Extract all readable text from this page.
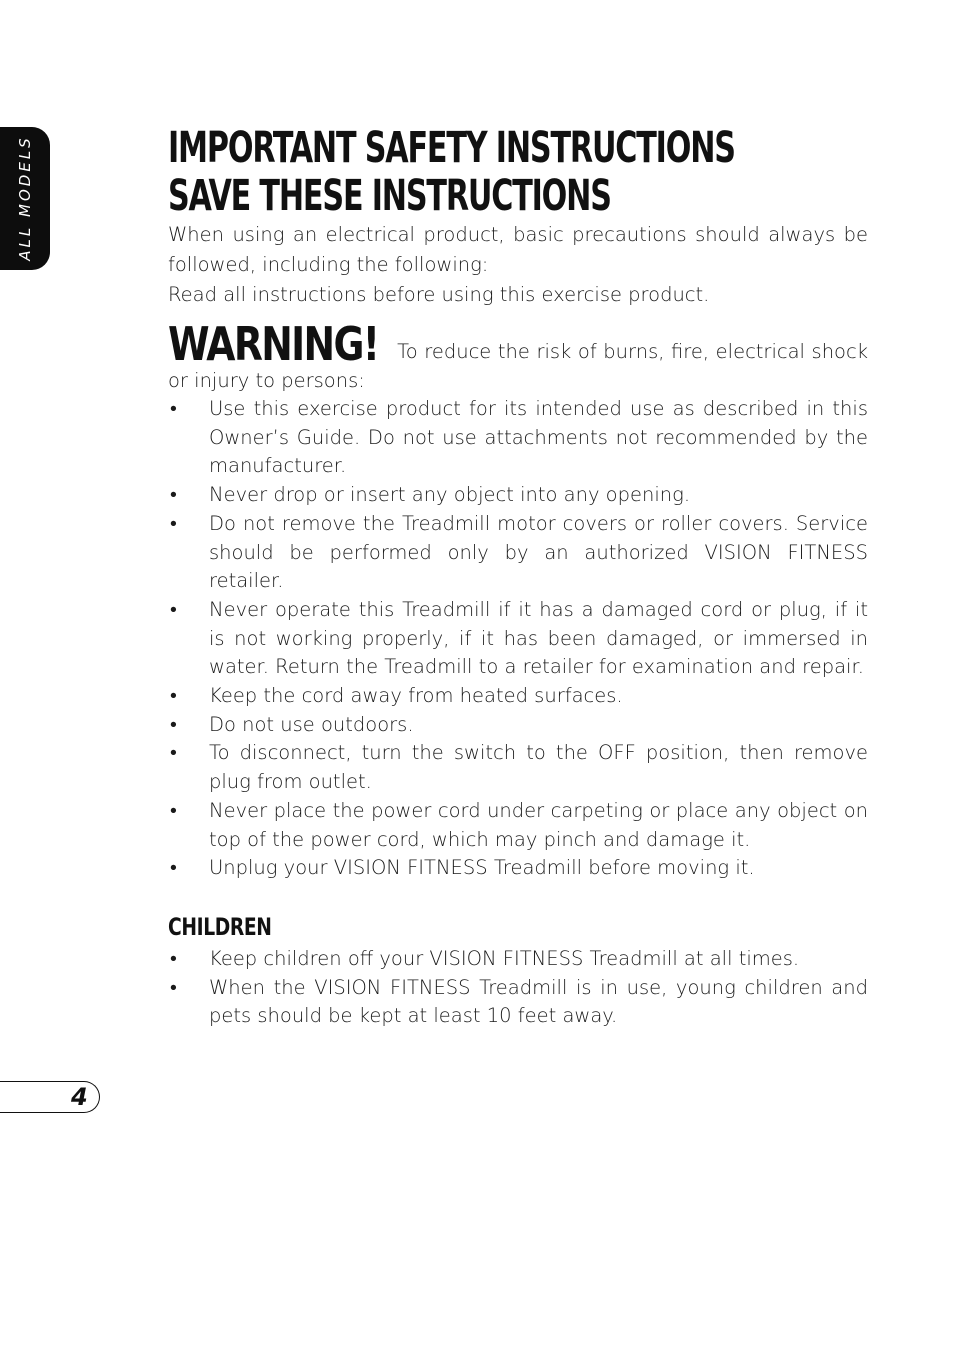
ALL MODELS	IMPORTANT SAFETY INSTRUCTIONS
SAVE THESE INSTRUCTIONS

When using an electrical product, basic precautions should always be followed, including the following:

Read all instructions before using this exercise product.

WARNING! To reduce the risk of burns, fire, electrical shock or injury to persons:
• Use this exercise product for its intended use as described in this Owner’s Guide. Do not use attachments not recommended by the manufacturer.
• Never drop or insert any object into any opening.
• Do not remove the Treadmill motor covers or roller covers. Service should be performed only by an authorized VISION FITNESS retailer.
• Never operate this Treadmill if it has a damaged cord or plug, if it is not working properly, if it has been damaged, or immersed in water. Return the Treadmill to a retailer for examination and repair.
• Keep the cord away from heated surfaces.
• Do not use outdoors.
• To disconnect, turn the switch to the OFF position, then remove plug from outlet.
• Never place the power cord under carpeting or place any object on top of the power cord, which may pinch and damage it.
• Unplug your VISION FITNESS Treadmill before moving it.
CHILDREN
• Keep children off your VISION FITNESS Treadmill at all times.
• When the VISION FITNESS Treadmill is in use, young children and pets should be kept at least 10 feet away.
4
